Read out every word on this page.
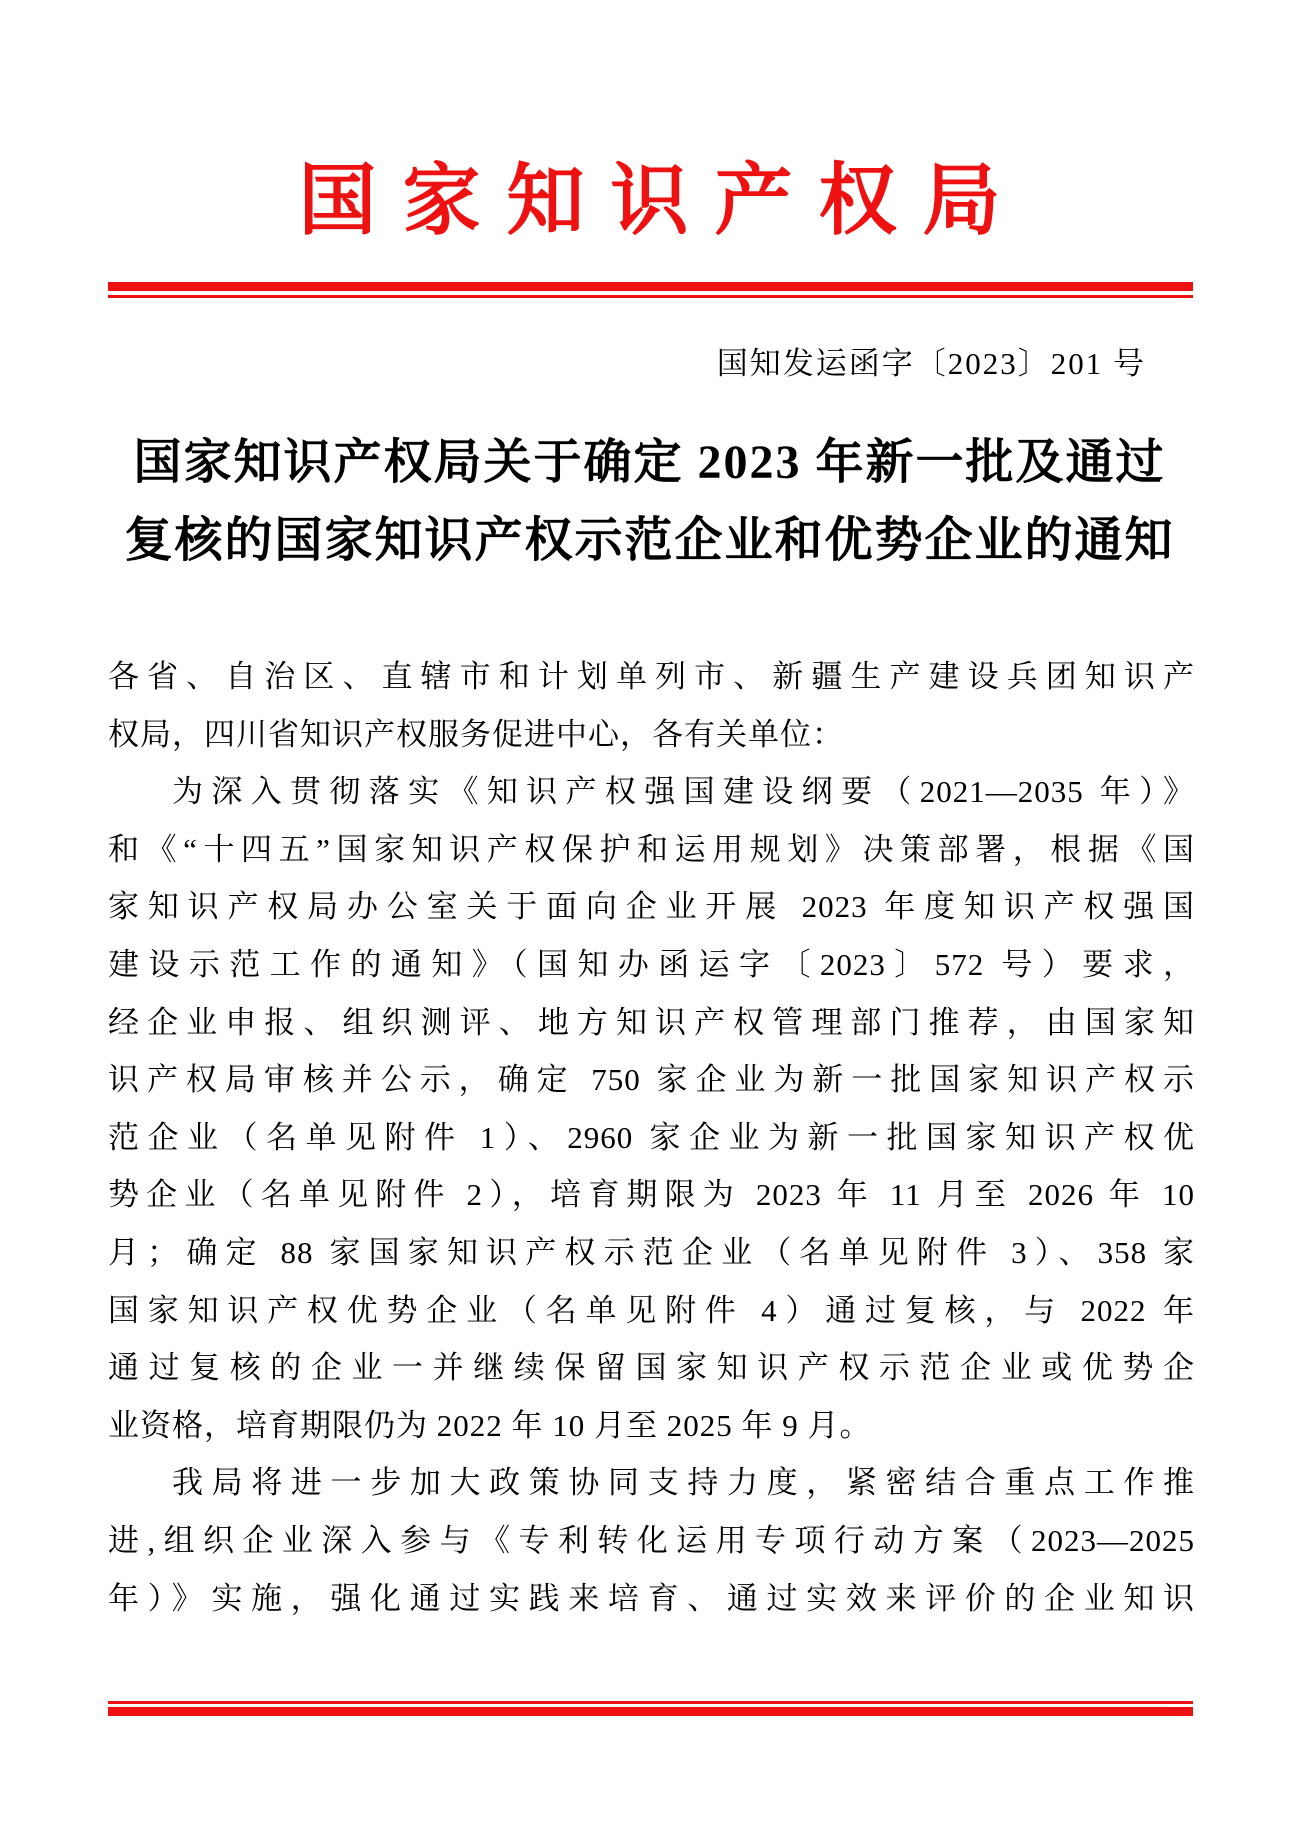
国家知识产权局
国知发运函字〔2023〕201 号
国家知识产权局关于确定 2023 年新一批及通过
复核的国家知识产权示范企业和优势企业的通知
各省、自治区、直辖市和计划单列市、新疆生产建设兵团知识产
权局，四川省知识产权服务促进中心，各有关单位：
为深入贯彻落实《知识产权强国建设纲要（2021—2035 年）》
和《“十四五”国家知识产权保护和运用规划》决策部署，根据《国
家知识产权局办公室关于面向企业开展 2023 年度知识产权强国
建设示范工作的通知》（国知办函运字〔2023〕572 号）要求，
经企业申报、组织测评、地方知识产权管理部门推荐，由国家知
识产权局审核并公示，确定 750 家企业为新一批国家知识产权示
范企业（名单见附件 1）、2960 家企业为新一批国家知识产权优
势企业（名单见附件 2），培育期限为 2023 年 11 月至 2026 年 10
月；确定 88 家国家知识产权示范企业（名单见附件 3）、358 家
国家知识产权优势企业（名单见附件 4）通过复核，与 2022 年
通过复核的企业一并继续保留国家知识产权示范企业或优势企
业资格，培育期限仍为 2022 年 10 月至 2025 年 9 月。
我局将进一步加大政策协同支持力度，紧密结合重点工作推
进,组织企业深入参与《专利转化运用专项行动方案（2023—2025
年）》实施，强化通过实践来培育、通过实效来评价的企业知识
